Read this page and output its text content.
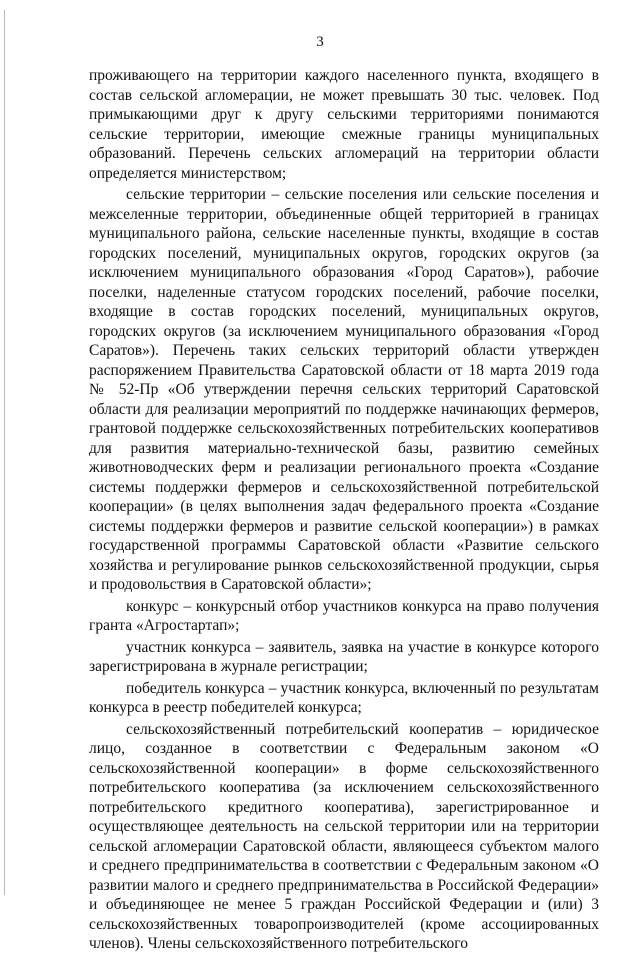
3

проживающего на территории каждого населенного пункта, входящего в состав сельской агломерации, не может превышать 30 тыс. человек. Под примыкающими друг к другу сельскими территориями понимаются сельские территории, имеющие смежные границы муниципальных образований. Перечень сельских агломераций на территории области определяется министерством;

сельские территории – сельские поселения или сельские поселения и межселенные территории, объединенные общей территорией в границах муниципального района, сельские населенные пункты, входящие в состав городских поселений, муниципальных округов, городских округов (за исключением муниципального образования «Город Саратов»), рабочие поселки, наделенные статусом городских поселений, рабочие поселки, входящие в состав городских поселений, муниципальных округов, городских округов (за исключением муниципального образования «Город Саратов»). Перечень таких сельских территорий области утвержден распоряжением Правительства Саратовской области от 18 марта 2019 года № 52-Пр «Об утверждении перечня сельских территорий Саратовской области для реализации мероприятий по поддержке начинающих фермеров, грантовой поддержке сельскохозяйственных потребительских кооперативов для развития материально-технической базы, развитию семейных животноводческих ферм и реализации регионального проекта «Создание системы поддержки фермеров и сельскохозяйственной потребительской кооперации» (в целях выполнения задач федерального проекта «Создание системы поддержки фермеров и развитие сельской кооперации») в рамках государственной программы Саратовской области «Развитие сельского хозяйства и регулирование рынков сельскохозяйственной продукции, сырья и продовольствия в Саратовской области»;

конкурс – конкурсный отбор участников конкурса на право получения гранта «Агростартап»;

участник конкурса – заявитель, заявка на участие в конкурсе которого зарегистрирована в журнале регистрации;

победитель конкурса – участник конкурса, включенный по результатам конкурса в реестр победителей конкурса;

сельскохозяйственный потребительский кооператив – юридическое лицо, созданное в соответствии с Федеральным законом «О сельскохозяйственной кооперации» в форме сельскохозяйственного потребительского кооператива (за исключением сельскохозяйственного потребительского кредитного кооператива), зарегистрированное и осуществляющее деятельность на сельской территории или на территории сельской агломерации Саратовской области, являющееся субъектом малого и среднего предпринимательства в соответствии с Федеральным законом «О развитии малого и среднего предпринимательства в Российской Федерации» и объединяющее не менее 5 граждан Российской Федерации и (или) 3 сельскохозяйственных товаропроизводителей (кроме ассоциированных членов). Члены сельскохозяйственного потребительского
